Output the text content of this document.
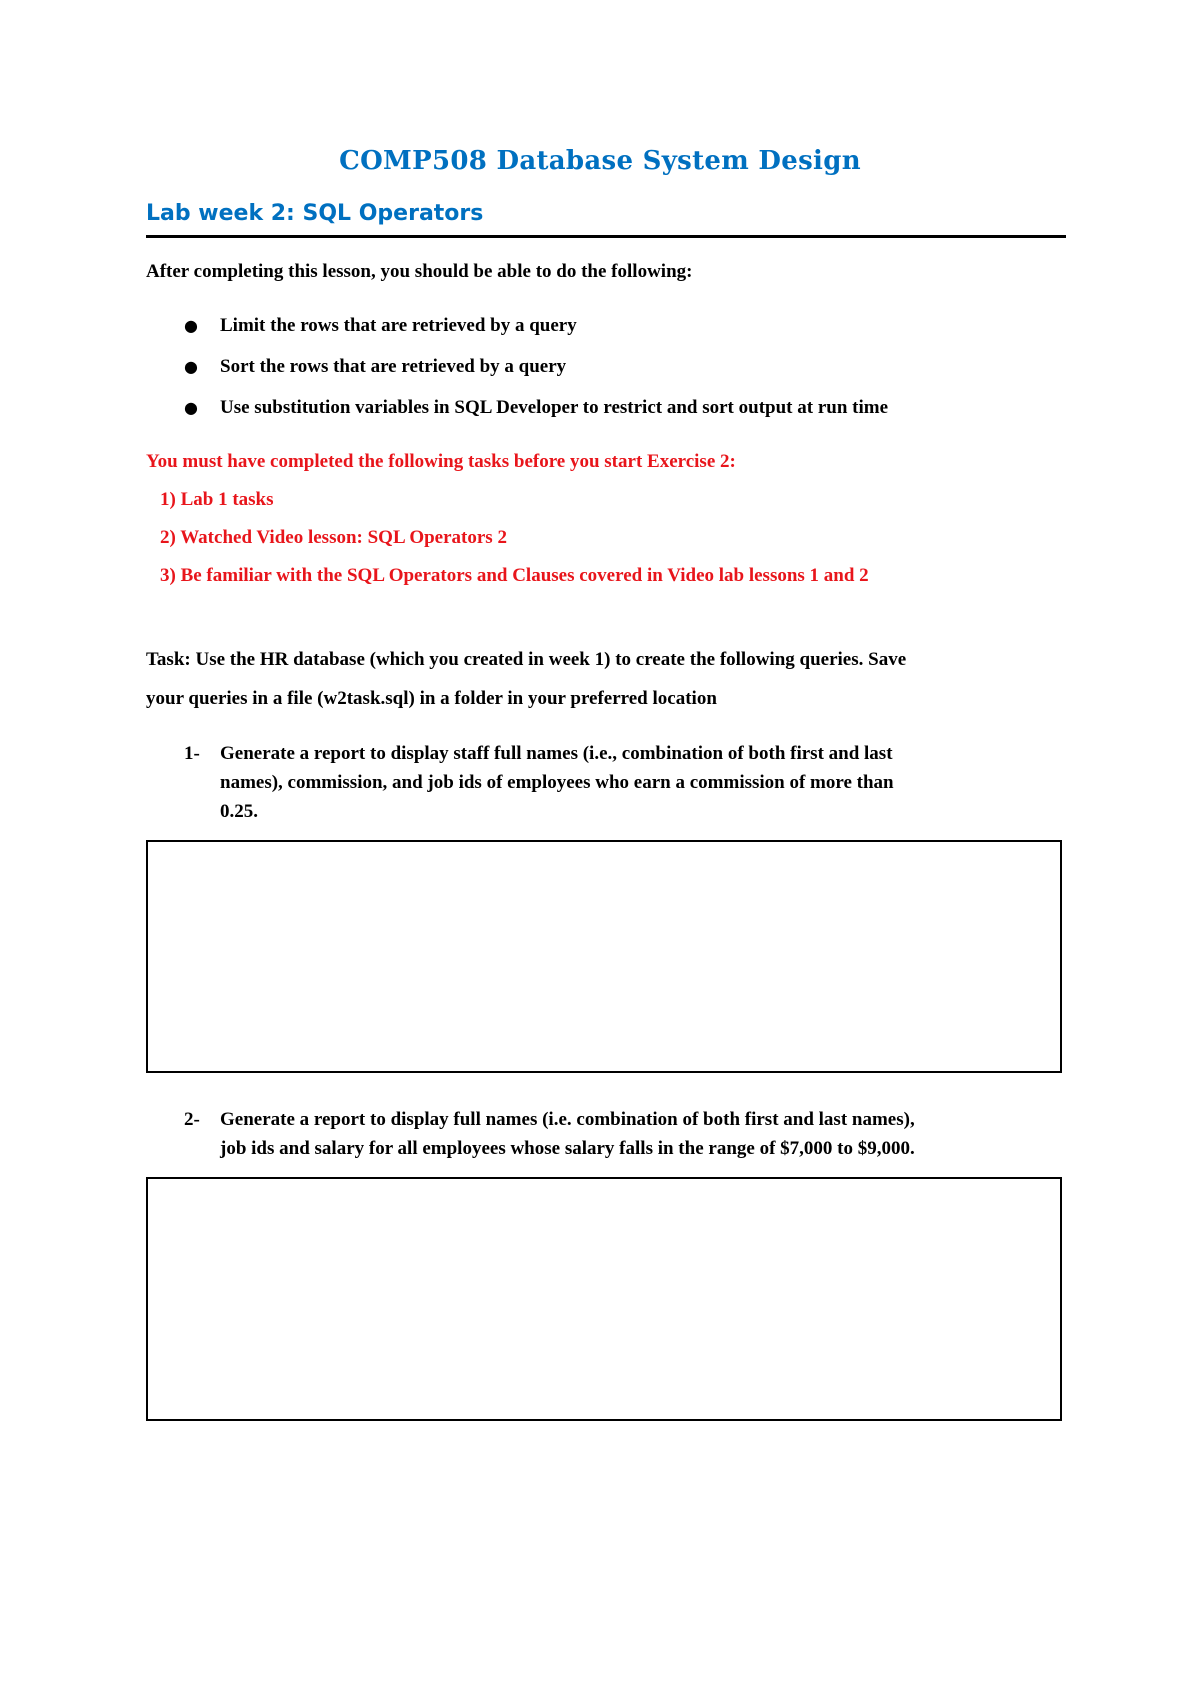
COMP508 Database System Design
Lab week 2: SQL Operators
After completing this lesson, you should be able to do the following:
● Limit the rows that are retrieved by a query
● Sort the rows that are retrieved by a query
● Use substitution variables in SQL Developer to restrict and sort output at run time
You must have completed the following tasks before you start Exercise 2:
1) Lab 1 tasks
2) Watched Video lesson: SQL Operators 2
3) Be familiar with the SQL Operators and Clauses covered in Video lab lessons 1 and 2
Task: Use the HR database (which you created in week 1) to create the following queries. Save
your queries in a file (w2task.sql) in a folder in your preferred location
1- Generate a report to display staff full names (i.e., combination of both first and last
names), commission, and job ids of employees who earn a commission of more than
0.25.
2- Generate a report to display full names (i.e. combination of both first and last names),
job ids and salary for all employees whose salary falls in the range of $7,000 to $9,000.
